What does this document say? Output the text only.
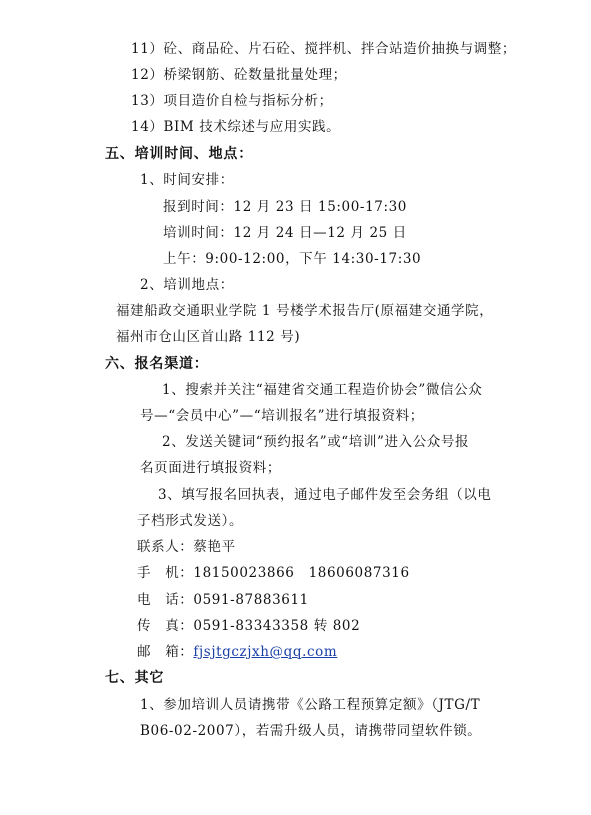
11）砼、商品砼、片石砼、搅拌机、拌合站造价抽换与调整；
12）桥梁钢筋、砼数量批量处理；
13）项目造价自检与指标分析；
14）BIM 技术综述与应用实践。
五、培训时间、地点：
1、时间安排：
报到时间：12 月 23 日 15:00-17:30
培训时间：12 月 24 日—12 月 25 日
上午：9:00-12:00，下午 14:30-17:30
2、培训地点：
福建船政交通职业学院 1 号楼学术报告厅(原福建交通学院，
福州市仓山区首山路 112 号)
六、报名渠道：
1、搜索并关注“福建省交通工程造价协会”微信公众
号—“会员中心”—“培训报名”进行填报资料；
2、发送关键词“预约报名”或“培训”进入公众号报
名页面进行填报资料；
3、填写报名回执表，通过电子邮件发至会务组（以电
子档形式发送）。
联系人：蔡艳平
手　机：18150023866　18606087316
电　话：0591-87883611
传　真：0591-83343358 转 802
邮　箱：fjsjtgczjxh@qq.com
七、其它
1、参加培训人员请携带《公路工程预算定额》（JTG/T
B06-02-2007），若需升级人员，请携带同望软件锁。
